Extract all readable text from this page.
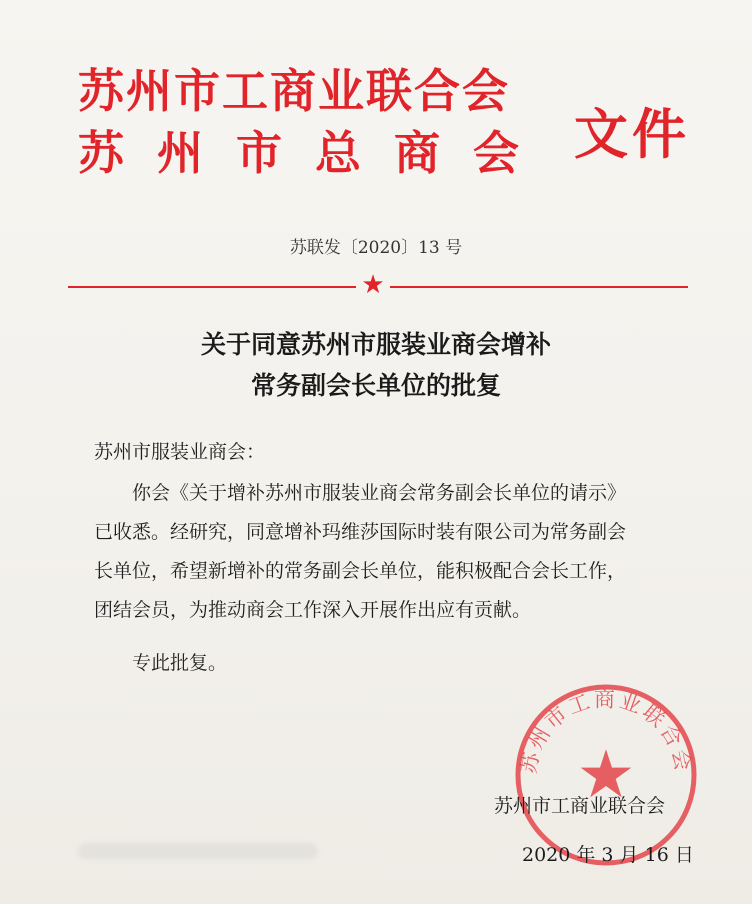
苏州市工商业联合会
苏州市总商会 文件
苏联发〔2020〕13 号
★
关于同意苏州市服装业商会增补
常务副会长单位的批复
苏州市服装业商会：
你会《关于增补苏州市服装业商会常务副会长单位的请示》
已收悉。经研究，同意增补玛维莎国际时装有限公司为常务副会
长单位，希望新增补的常务副会长单位，能积极配合会长工作，
团结会员，为推动商会工作深入开展作出应有贡献。
专此批复。
苏州市工商业联合会
★
苏州市工商业联合会
2020 年 3 月 16 日
